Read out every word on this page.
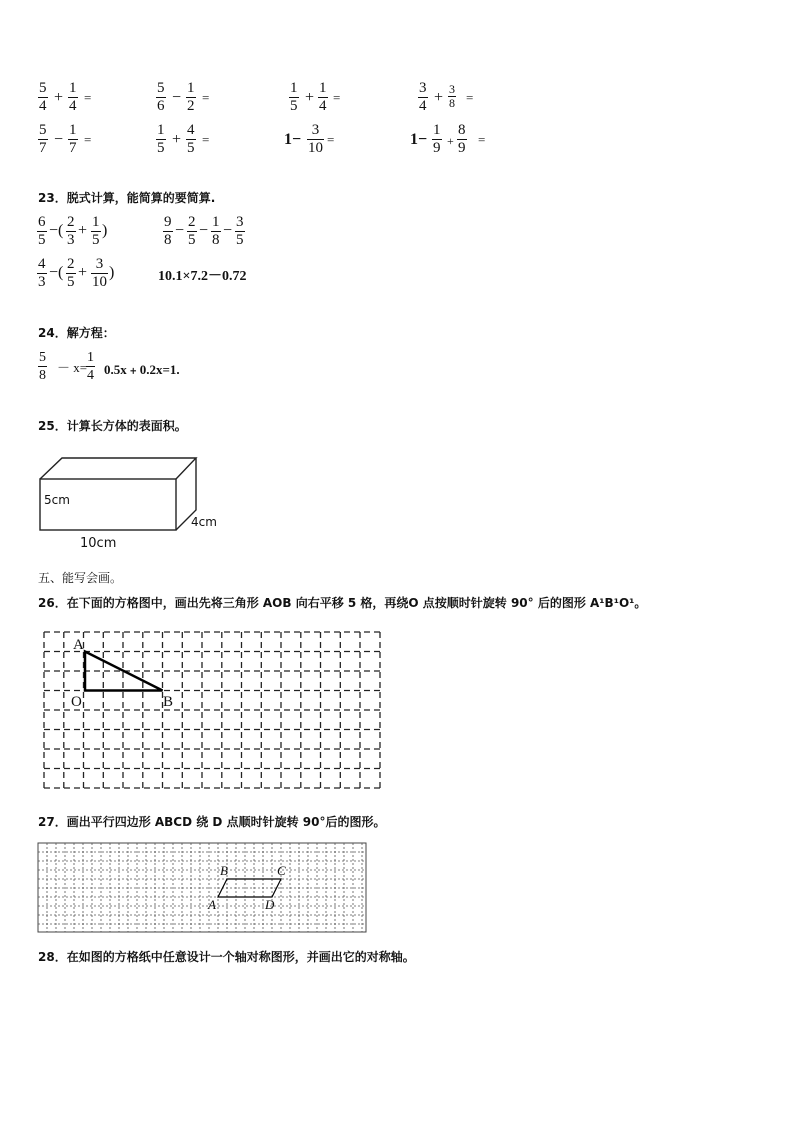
5
4 +
1
4
=
5
6 −
1
2
=
1
5 +
1
4
=
3
4 + 3
8 =
5
7 −
1
7
=
1
5 +
4
5
=	1−
3
10
=	1−
1
9 +
8
9
=
23．脱式计算，能简算的要简算.
6
5
−( 2
3
+ 1
5
)	9
8
− 2
5
− 1
8
− 3
5
4
3
−( 2
5
+ 3
10
)	10.1×7.2－0.72
24．解方程：
5
8
－ x=
1
4 0.5x﹢0.2x=1.
25．计算长方体的表面积。
5cm
4cm
10cm
五、能写会画。
26．在下面的方格图中，画出先将三角形 AOB 向右平移 5 格，再绕O 点按顺时针旋转 90° 后的图形 A¹B¹O¹。
A
O	B
27．画出平行四边形 ABCD 绕 D 点顺时针旋转 90°后的图形。
B	C
A	D
28．在如图的方格纸中任意设计一个轴对称图形，并画出它的对称轴。
